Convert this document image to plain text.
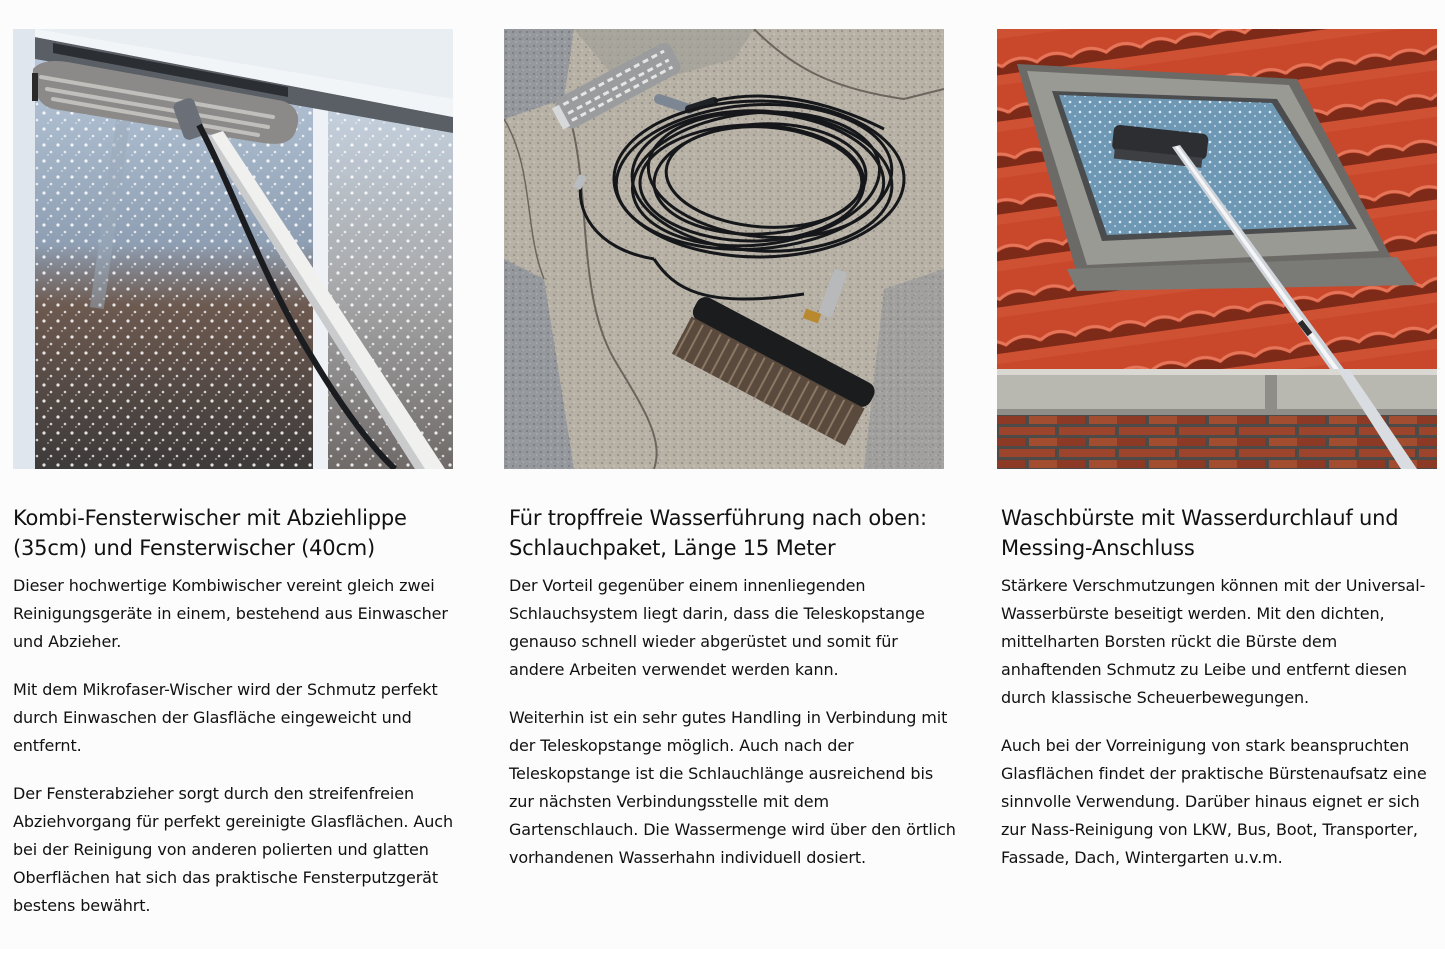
Kombi-Fensterwischer mit Abziehlippe (35cm) und Fensterwischer (40cm)

Dieser hochwertige Kombiwischer vereint gleich zwei Reinigungsgeräte in einem, bestehend aus Einwascher und Abzieher.

Mit dem Mikrofaser-Wischer wird der Schmutz perfekt durch Einwaschen der Glasfläche eingeweicht und entfernt.

Der Fensterabzieher sorgt durch den streifenfreien Abziehvorgang für perfekt gereinigte Glasflächen. Auch bei der Reinigung von anderen polierten und glatten Oberflächen hat sich das praktische Fensterputzgerät bestens bewährt.

Für tropffreie Wasserführung nach oben: Schlauchpaket, Länge 15 Meter

Der Vorteil gegenüber einem innenliegenden Schlauchsystem liegt darin, dass die Teleskopstange genauso schnell wieder abgerüstet und somit für andere Arbeiten verwendet werden kann.

Weiterhin ist ein sehr gutes Handling in Verbindung mit der Teleskopstange möglich. Auch nach der Teleskopstange ist die Schlauchlänge ausreichend bis zur nächsten Verbindungsstelle mit dem Gartenschlauch. Die Wassermenge wird über den örtlich vorhandenen Wasserhahn individuell dosiert.

Waschbürste mit Wasserdurchlauf und Messing-Anschluss

Stärkere Verschmutzungen können mit der Universal-Wasserbürste beseitigt werden. Mit den dichten, mittelharten Borsten rückt die Bürste dem anhaftenden Schmutz zu Leibe und entfernt diesen durch klassische Scheuerbewegungen.

Auch bei der Vorreinigung von stark beanspruchten Glasflächen findet der praktische Bürstenaufsatz eine sinnvolle Verwendung. Darüber hinaus eignet er sich zur Nass-Reinigung von LKW, Bus, Boot, Transporter, Fassade, Dach, Wintergarten u.v.m.
